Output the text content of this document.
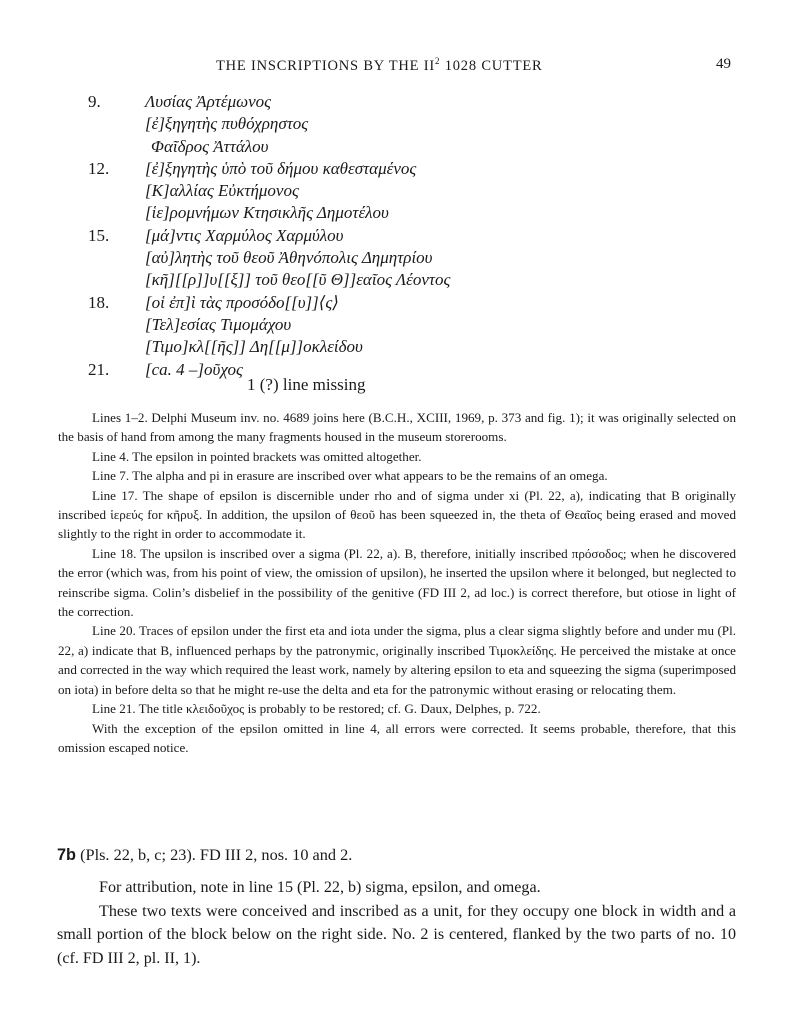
THE INSCRIPTIONS BY THE $II^2$ 1028 CUTTER	49
9.	Λυσίας Ἀρτέμωνος
[ἐ]ξηγητὴς πυθόχρηστος
Φαῖδρος Ἀττάλου
12.	[ἐ]ξηγητὴς ὑπὸ τοῦ δήμου καθεσταμένος
[Κ]αλλίας Εὐκτήμονος
[ἱε]ρομνήμων Κτησικλῆς Δημοτέλου
15.	[μά]ντις Χαρμύλος Χαρμύλου
[αὐ]λητὴς τοῦ θεοῦ Ἀθηνόπολις Δημητρίου
[κῆ][[ρ]]υ[[ξ]] τοῦ θεο[[ῦ Θ]]εαῖος Λέοντος
18.	[οἱ ἐπ]ὶ τὰς προσόδο[[υ]]⟨ς⟩
[Τελ]εσίας Τιμομάχου
[Τιμο]κλ[[ῆς]] Δη[[μ]]οκλείδου
21.	[ca. 4 –]οῦχος
1 (?) line missing

Lines 1–2. Delphi Museum inv. no. 4689 joins here (B.C.H., XCIII, 1969, p. 373 and fig. 1); it was originally selected on the basis of hand from among the many fragments housed in the museum storerooms.

Line 4. The epsilon in pointed brackets was omitted altogether.

Line 7. The alpha and pi in erasure are inscribed over what appears to be the remains of an omega.

Line 17. The shape of epsilon is discernible under rho and of sigma under xi (Pl. 22, a), indicating that B originally inscribed ἱερεύς for κῆρυξ. In addition, the upsilon of θεοῦ has been squeezed in, the theta of Θεαῖος being erased and moved slightly to the right in order to accommodate it.

Line 18. The upsilon is inscribed over a sigma (Pl. 22, a). B, therefore, initially inscribed πρόσοδος; when he discovered the error (which was, from his point of view, the omission of upsilon), he inserted the upsilon where it belonged, but neglected to reinscribe sigma. Colin’s disbelief in the possibility of the genitive (FD III 2, ad loc.) is correct therefore, but otiose in light of the correction.

Line 20. Traces of epsilon under the first eta and iota under the sigma, plus a clear sigma slightly before and under mu (Pl. 22, a) indicate that B, influenced perhaps by the patronymic, originally inscribed Τιμοκλείδης. He perceived the mistake at once and corrected in the way which required the least work, namely by altering epsilon to eta and squeezing the sigma (superimposed on iota) in before delta so that he might re-use the delta and eta for the patronymic without erasing or relocating them.

Line 21. The title κλειδοῦχος is probably to be restored; cf. G. Daux, Delphes, p. 722.

With the exception of the epsilon omitted in line 4, all errors were corrected. It seems probable, therefore, that this omission escaped notice.

7b (Pls. 22, b, c; 23). FD III 2, nos. 10 and 2.

For attribution, note in line 15 (Pl. 22, b) sigma, epsilon, and omega.

These two texts were conceived and inscribed as a unit, for they occupy one block in width and a small portion of the block below on the right side. No. 2 is centered, flanked by the two parts of no. 10 (cf. FD III 2, pl. II, 1).
